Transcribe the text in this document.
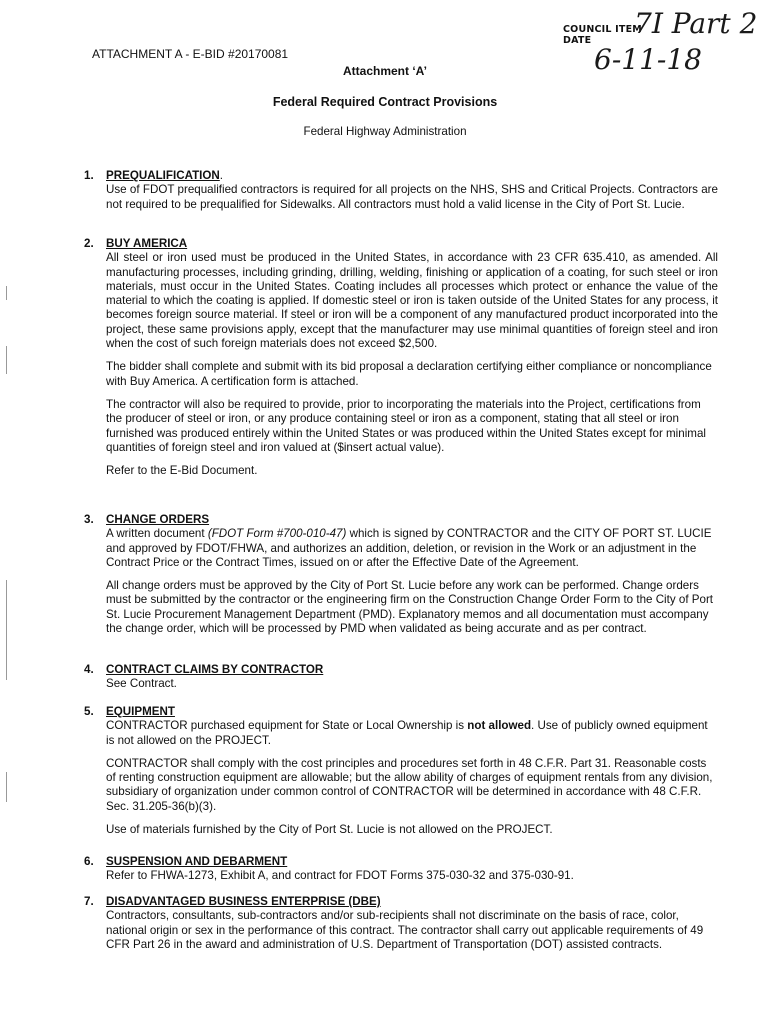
COUNCIL ITEM
DATE
7I Part 2
6-11-18
ATTACHMENT A - E-BID #20170081
Attachment ‘A’
Federal Required Contract Provisions
Federal Highway Administration
1. PREQUALIFICATION.

Use of FDOT prequalified contractors is required for all projects on the NHS, SHS and Critical Projects. Contractors are not required to be prequalified for Sidewalks. All contractors must hold a valid license in the City of Port St. Lucie.

2. BUY AMERICA

All steel or iron used must be produced in the United States, in accordance with 23 CFR 635.410, as amended. All manufacturing processes, including grinding, drilling, welding, finishing or application of a coating, for such steel or iron materials, must occur in the United States. Coating includes all processes which protect or enhance the value of the material to which the coating is applied. If domestic steel or iron is taken outside of the United States for any process, it becomes foreign source material. If steel or iron will be a component of any manufactured product incorporated into the project, these same provisions apply, except that the manufacturer may use minimal quantities of foreign steel and iron when the cost of such foreign materials does not exceed $2,500.

The bidder shall complete and submit with its bid proposal a declaration certifying either compliance or noncompliance with Buy America. A certification form is attached.

The contractor will also be required to provide, prior to incorporating the materials into the Project, certifications from the producer of steel or iron, or any produce containing steel or iron as a component, stating that all steel or iron furnished was produced entirely within the United States or was produced within the United States except for minimal quantities of foreign steel and iron valued at ($insert actual value).

Refer to the E-Bid Document.

3. CHANGE ORDERS

A written document (FDOT Form #700-010-47) which is signed by CONTRACTOR and the CITY OF PORT ST. LUCIE and approved by FDOT/FHWA, and authorizes an addition, deletion, or revision in the Work or an adjustment in the Contract Price or the Contract Times, issued on or after the Effective Date of the Agreement.

All change orders must be approved by the City of Port St. Lucie before any work can be performed. Change orders must be submitted by the contractor or the engineering firm on the Construction Change Order Form to the City of Port St. Lucie Procurement Management Department (PMD). Explanatory memos and all documentation must accompany the change order, which will be processed by PMD when validated as being accurate and as per contract.

4. CONTRACT CLAIMS BY CONTRACTOR

See Contract.

5. EQUIPMENT

CONTRACTOR purchased equipment for State or Local Ownership is not allowed. Use of publicly owned equipment is not allowed on the PROJECT.

CONTRACTOR shall comply with the cost principles and procedures set forth in 48 C.F.R. Part 31. Reasonable costs of renting construction equipment are allowable; but the allow ability of charges of equipment rentals from any division, subsidiary of organization under common control of CONTRACTOR will be determined in accordance with 48 C.F.R. Sec. 31.205-36(b)(3).

Use of materials furnished by the City of Port St. Lucie is not allowed on the PROJECT.

6. SUSPENSION AND DEBARMENT

Refer to FHWA-1273, Exhibit A, and contract for FDOT Forms 375-030-32 and 375-030-91.

7. DISADVANTAGED BUSINESS ENTERPRISE (DBE)

Contractors, consultants, sub-contractors and/or sub-recipients shall not discriminate on the basis of race, color, national origin or sex in the performance of this contract. The contractor shall carry out applicable requirements of 49 CFR Part 26 in the award and administration of U.S. Department of Transportation (DOT) assisted contracts.
